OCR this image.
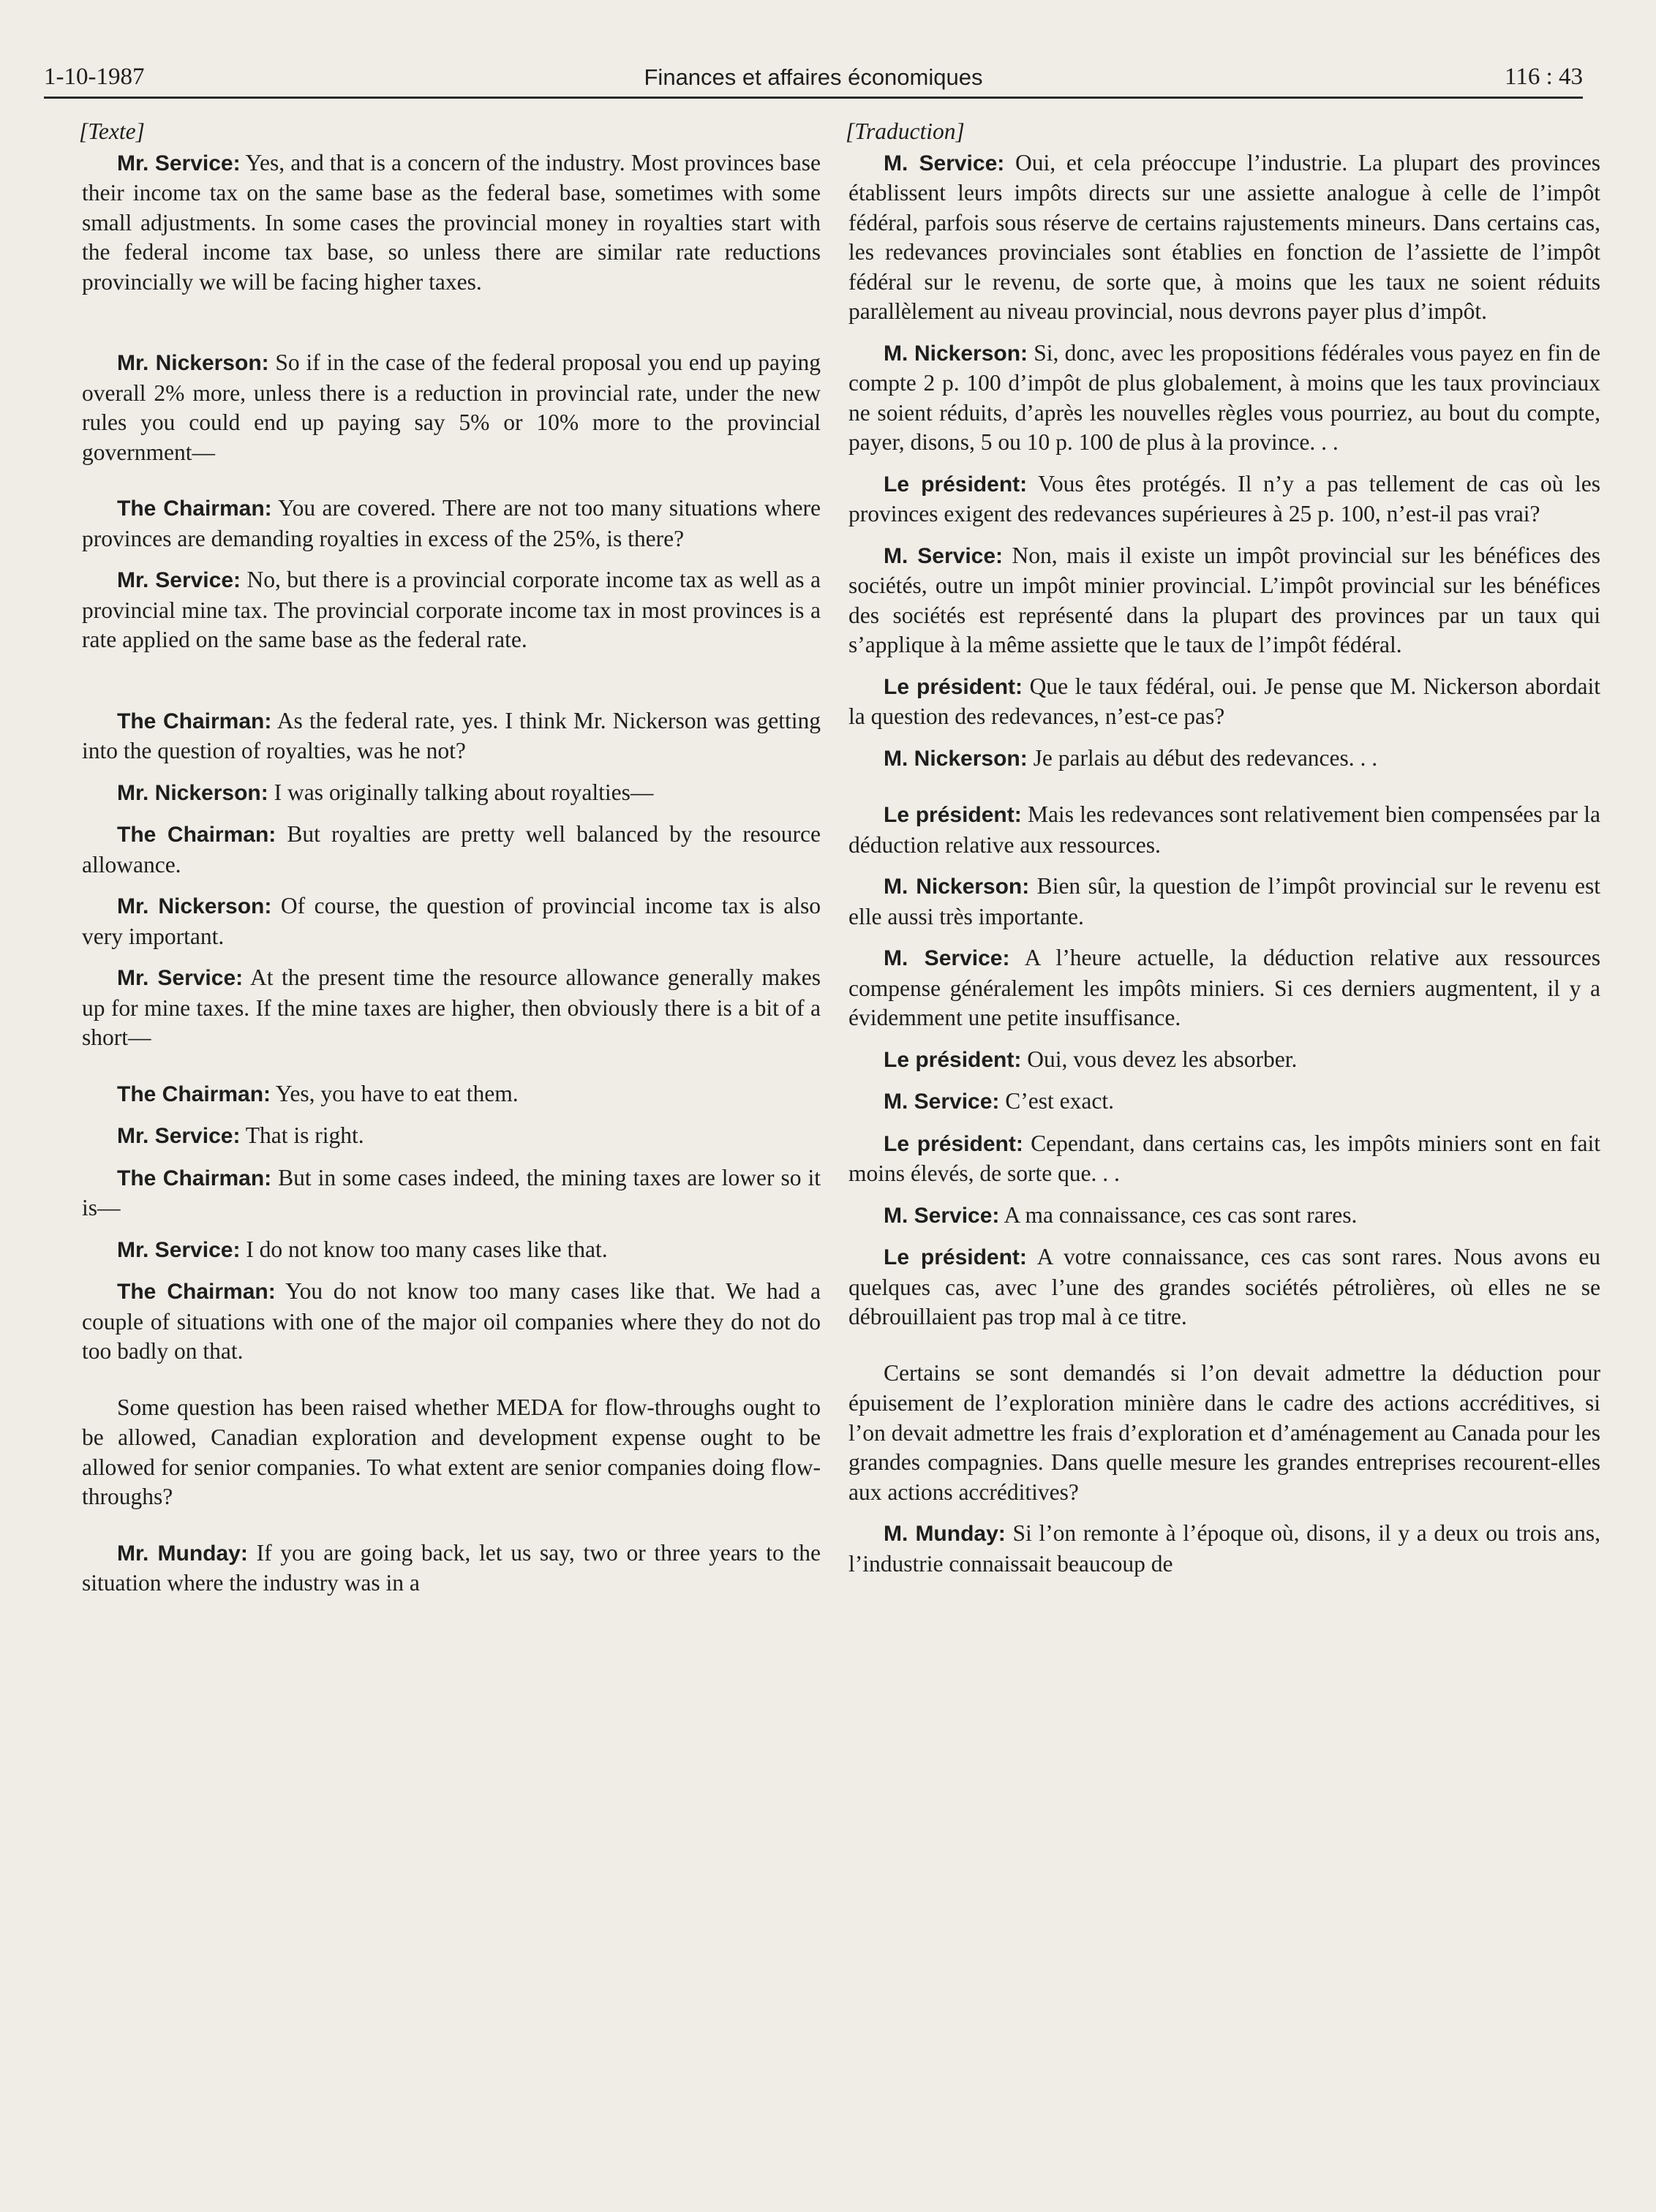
1-10-1987	Finances et affaires économiques	116 : 43
[Texte]

Mr. Service: Yes, and that is a concern of the industry. Most provinces base their income tax on the same base as the federal base, sometimes with some small adjustments. In some cases the provincial money in royalties start with the federal income tax base, so unless there are similar rate reductions provincially we will be facing higher taxes.

Mr. Nickerson: So if in the case of the federal proposal you end up paying overall 2% more, unless there is a reduction in provincial rate, under the new rules you could end up paying say 5% or 10% more to the provincial government—

The Chairman: You are covered. There are not too many situations where provinces are demanding royalties in excess of the 25%, is there?

Mr. Service: No, but there is a provincial corporate income tax as well as a provincial mine tax. The provincial corporate income tax in most provinces is a rate applied on the same base as the federal rate.

The Chairman: As the federal rate, yes. I think Mr. Nickerson was getting into the question of royalties, was he not?

Mr. Nickerson: I was originally talking about royalties—

The Chairman: But royalties are pretty well balanced by the resource allowance.

Mr. Nickerson: Of course, the question of provincial income tax is also very important.

Mr. Service: At the present time the resource allowance generally makes up for mine taxes. If the mine taxes are higher, then obviously there is a bit of a short—

The Chairman: Yes, you have to eat them.

Mr. Service: That is right.

The Chairman: But in some cases indeed, the mining taxes are lower so it is—

Mr. Service: I do not know too many cases like that.

The Chairman: You do not know too many cases like that. We had a couple of situations with one of the major oil companies where they do not do too badly on that.

Some question has been raised whether MEDA for flow-throughs ought to be allowed, Canadian exploration and development expense ought to be allowed for senior companies. To what extent are senior companies doing flow-throughs?

Mr. Munday: If you are going back, let us say, two or three years to the situation where the industry was in a

[Traduction]

M. Service: Oui, et cela préoccupe l’industrie. La plupart des provinces établissent leurs impôts directs sur une assiette analogue à celle de l’impôt fédéral, parfois sous réserve de certains rajustements mineurs. Dans certains cas, les redevances provinciales sont établies en fonction de l’assiette de l’impôt fédéral sur le revenu, de sorte que, à moins que les taux ne soient réduits parallèlement au niveau provincial, nous devrons payer plus d’impôt.

M. Nickerson: Si, donc, avec les propositions fédérales vous payez en fin de compte 2 p. 100 d’impôt de plus globalement, à moins que les taux provinciaux ne soient réduits, d’après les nouvelles règles vous pourriez, au bout du compte, payer, disons, 5 ou 10 p. 100 de plus à la province. . .

Le président: Vous êtes protégés. Il n’y a pas tellement de cas où les provinces exigent des redevances supérieures à 25 p. 100, n’est-il pas vrai?

M. Service: Non, mais il existe un impôt provincial sur les bénéfices des sociétés, outre un impôt minier provincial. L’impôt provincial sur les bénéfices des sociétés est représenté dans la plupart des provinces par un taux qui s’applique à la même assiette que le taux de l’impôt fédéral.

Le président: Que le taux fédéral, oui. Je pense que M. Nickerson abordait la question des redevances, n’est-ce pas?

M. Nickerson: Je parlais au début des redevances. . .

Le président: Mais les redevances sont relativement bien compensées par la déduction relative aux ressources.

M. Nickerson: Bien sûr, la question de l’impôt provincial sur le revenu est elle aussi très importante.

M. Service: A l’heure actuelle, la déduction relative aux ressources compense généralement les impôts miniers. Si ces derniers augmentent, il y a évidemment une petite insuffisance.

Le président: Oui, vous devez les absorber.

M. Service: C’est exact.

Le président: Cependant, dans certains cas, les impôts miniers sont en fait moins élevés, de sorte que. . .

M. Service: A ma connaissance, ces cas sont rares.

Le président: A votre connaissance, ces cas sont rares. Nous avons eu quelques cas, avec l’une des grandes sociétés pétrolières, où elles ne se débrouillaient pas trop mal à ce titre.

Certains se sont demandés si l’on devait admettre la déduction pour épuisement de l’exploration minière dans le cadre des actions accréditives, si l’on devait admettre les frais d’exploration et d’aménagement au Canada pour les grandes compagnies. Dans quelle mesure les grandes entreprises recourent-elles aux actions accréditives?

M. Munday: Si l’on remonte à l’époque où, disons, il y a deux ou trois ans, l’industrie connaissait beaucoup de
